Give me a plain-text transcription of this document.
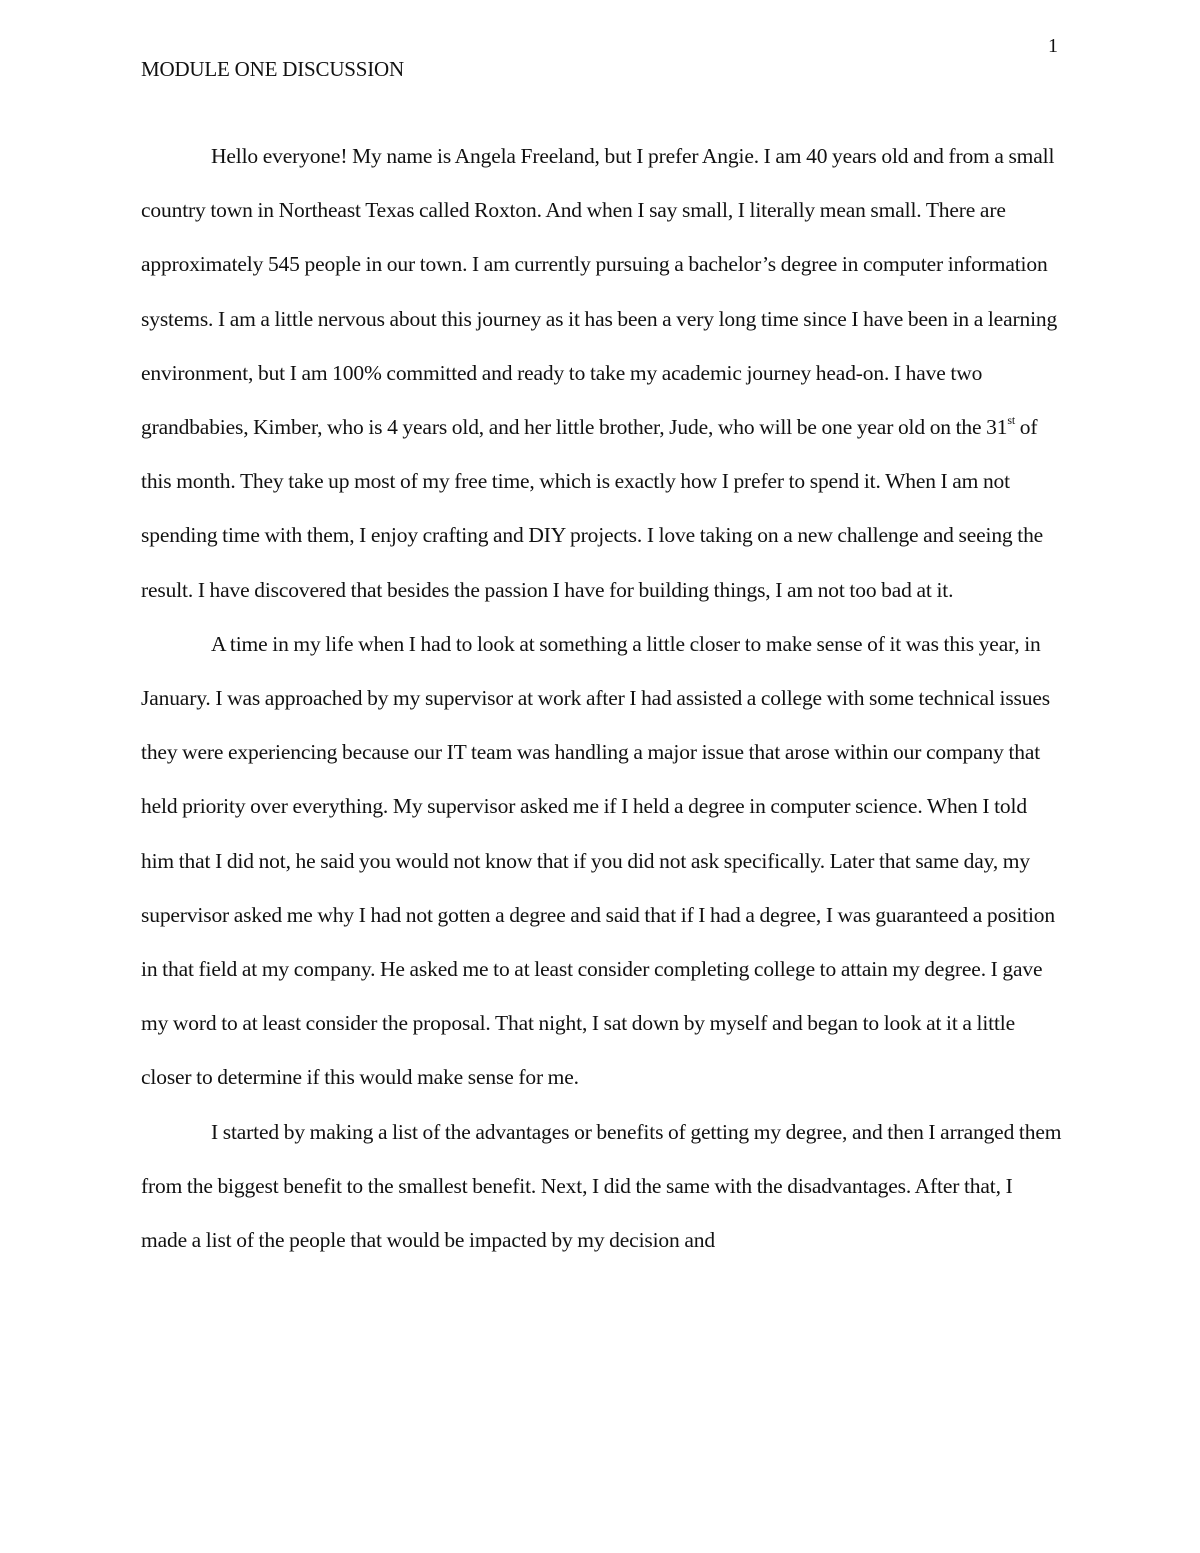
1
MODULE ONE DISCUSSION

Hello everyone! My name is Angela Freeland, but I prefer Angie. I am 40 years old and from a small country town in Northeast Texas called Roxton. And when I say small, I literally mean small. There are approximately 545 people in our town. I am currently pursuing a bachelor’s degree in computer information systems. I am a little nervous about this journey as it has been a very long time since I have been in a learning environment, but I am 100% committed and ready to take my academic journey head-on. I have two grandbabies, Kimber, who is 4 years old, and her little brother, Jude, who will be one year old on the 31st of this month. They take up most of my free time, which is exactly how I prefer to spend it. When I am not spending time with them, I enjoy crafting and DIY projects. I love taking on a new challenge and seeing the result. I have discovered that besides the passion I have for building things, I am not too bad at it.

A time in my life when I had to look at something a little closer to make sense of it was this year, in January. I was approached by my supervisor at work after I had assisted a college with some technical issues they were experiencing because our IT team was handling a major issue that arose within our company that held priority over everything. My supervisor asked me if I held a degree in computer science. When I told him that I did not, he said you would not know that if you did not ask specifically. Later that same day, my supervisor asked me why I had not gotten a degree and said that if I had a degree, I was guaranteed a position in that field at my company. He asked me to at least consider completing college to attain my degree. I gave my word to at least consider the proposal. That night, I sat down by myself and began to look at it a little closer to determine if this would make sense for me.

I started by making a list of the advantages or benefits of getting my degree, and then I arranged them from the biggest benefit to the smallest benefit. Next, I did the same with the disadvantages. After that, I made a list of the people that would be impacted by my decision and
